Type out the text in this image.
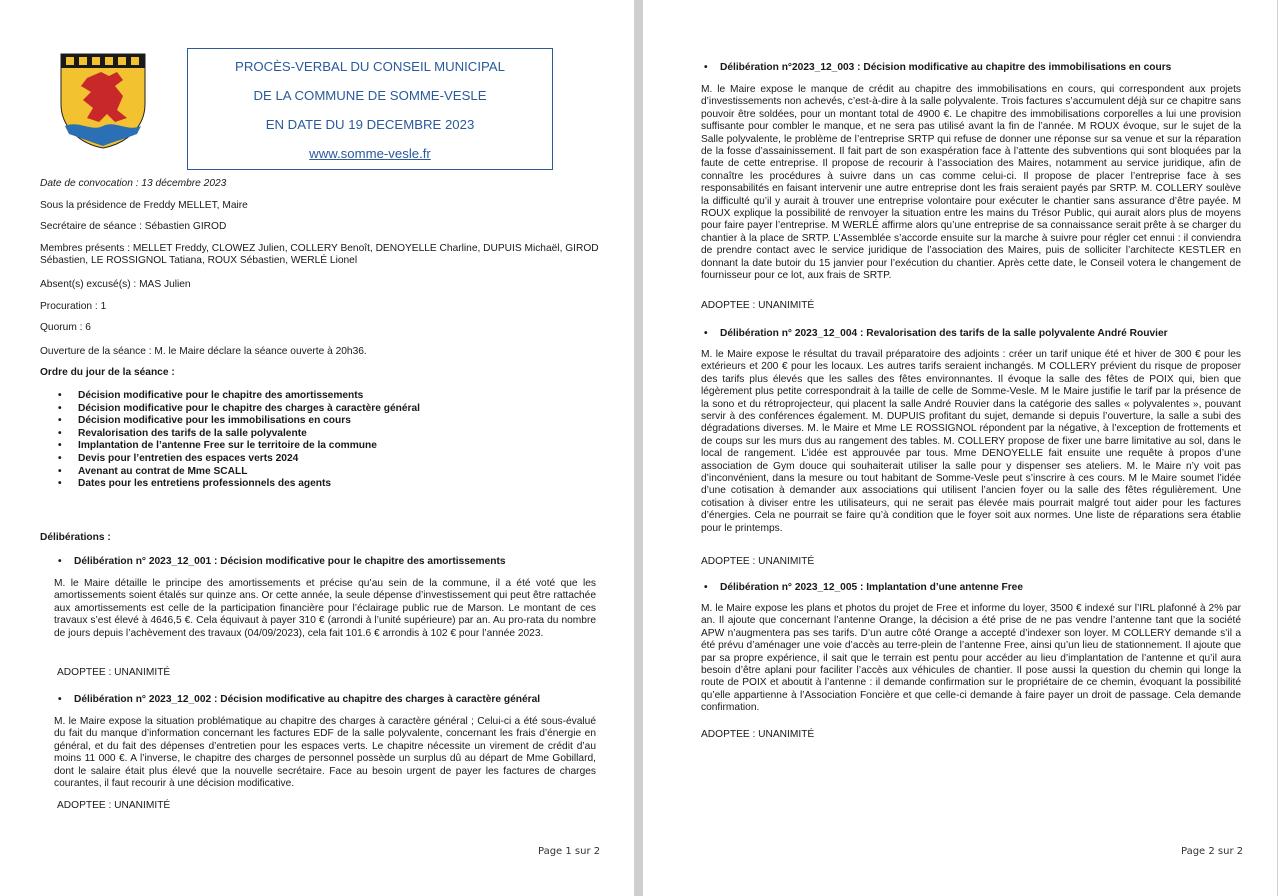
PROCÈS-VERBAL DU CONSEIL MUNICIPAL
DE LA COMMUNE DE SOMME-VESLE
EN DATE DU 19 DECEMBRE 2023
www.somme-vesle.fr
Date de convocation : 13 décembre 2023
Sous la présidence de Freddy MELLET, Maire
Secrétaire de séance : Sébastien GIROD
Membres présents : MELLET Freddy, CLOWEZ Julien, COLLERY Benoît, DENOYELLE Charline, DUPUIS Michaël, GIROD Sébastien, LE ROSSIGNOL Tatiana, ROUX Sébastien, WERLÉ Lionel
Absent(s) excusé(s) : MAS Julien
Procuration : 1
Quorum : 6
Ouverture de la séance : M. le Maire déclare la séance ouverte à 20h36.
Ordre du jour de la séance :
• Décision modificative pour le chapitre des amortissements
• Décision modificative pour le chapitre des charges à caractère général
• Décision modificative pour les immobilisations en cours
• Revalorisation des tarifs de la salle polyvalente
• Implantation de l’antenne Free sur le territoire de la commune
• Devis pour l’entretien des espaces verts 2024
• Avenant au contrat de Mme SCALL
• Dates pour les entretiens professionnels des agents
Délibérations :
• Délibération n° 2023_12_001 : Décision modificative pour le chapitre des amortissements
M. le Maire détaille le principe des amortissements et précise qu’au sein de la commune, il a été voté que les amortissements soient étalés sur quinze ans. Or cette année, la seule dépense d’investissement qui peut être rattachée aux amortissements est celle de la participation financière pour l’éclairage public rue de Marson. Le montant de ces travaux s’est élevé à 4646,5 €. Cela équivaut à payer 310 € (arrondi à l’unité supérieure) par an. Au pro-rata du nombre de jours depuis l’achèvement des travaux (04/09/2023), cela fait 101.6 € arrondis à 102 € pour l’année 2023.
ADOPTEE : UNANIMITÉ
• Délibération n° 2023_12_002 : Décision modificative au chapitre des charges à caractère général
M. le Maire expose la situation problématique au chapitre des charges à caractère général ; Celui-ci a été sous-évalué du fait du manque d’information concernant les factures EDF de la salle polyvalente, concernant les frais d’énergie en général, et du fait des dépenses d’entretien pour les espaces verts. Le chapitre nécessite un virement de crédit d’au moins 11 000 €. A l’inverse, le chapitre des charges de personnel possède un surplus dû au départ de Mme Gobillard, dont le salaire était plus élevé que la nouvelle secrétaire. Face au besoin urgent de payer les factures de charges courantes, il faut recourir à une décision modificative.
ADOPTEE : UNANIMITÉ
Page 1 sur 2
• Délibération n°2023_12_003 : Décision modificative au chapitre des immobilisations en cours
M. le Maire expose le manque de crédit au chapitre des immobilisations en cours, qui correspondent aux projets d’investissements non achevés, c’est-à-dire à la salle polyvalente. Trois factures s’accumulent déjà sur ce chapitre sans pouvoir être soldées, pour un montant total de 4900 €. Le chapitre des immobilisations corporelles a lui une provision suffisante pour combler le manque, et ne sera pas utilisé avant la fin de l’année. M ROUX évoque, sur le sujet de la Salle polyvalente, le problème de l’entreprise SRTP qui refuse de donner une réponse sur sa venue et sur la réparation de la fosse d’assainissement. Il fait part de son exaspération face à l’attente des subventions qui sont bloquées par la faute de cette entreprise. Il propose de recourir à l’association des Maires, notamment au service juridique, afin de connaître les procédures à suivre dans un cas comme celui-ci. Il propose de placer l’entreprise face à ses responsabilités en faisant intervenir une autre entreprise dont les frais seraient payés par SRTP. M. COLLERY soulève la difficulté qu’il y aurait à trouver une entreprise volontaire pour exécuter le chantier sans assurance d’être payée. M ROUX explique la possibilité de renvoyer la situation entre les mains du Trésor Public, qui aurait alors plus de moyens pour faire payer l’entreprise. M WERLÉ affirme alors qu’une entreprise de sa connaissance serait prête à se charger du chantier à la place de SRTP. L’Assemblée s’accorde ensuite sur la marche à suivre pour régler cet ennui : il conviendra de prendre contact avec le service juridique de l’association des Maires, puis de solliciter l’architecte KESTLER en donnant la date butoir du 15 janvier pour l’exécution du chantier. Après cette date, le Conseil votera le changement de fournisseur pour ce lot, aux frais de SRTP.
ADOPTEE : UNANIMITÉ
• Délibération n° 2023_12_004 : Revalorisation des tarifs de la salle polyvalente André Rouvier
M. le Maire expose le résultat du travail préparatoire des adjoints : créer un tarif unique été et hiver de 300 € pour les extérieurs et 200 € pour les locaux. Les autres tarifs seraient inchangés. M COLLERY prévient du risque de proposer des tarifs plus élevés que les salles des fêtes environnantes. Il évoque la salle des fêtes de POIX qui, bien que légèrement plus petite correspondrait à la taille de celle de Somme-Vesle. M le Maire justifie le tarif par la présence de la sono et du rétroprojecteur, qui placent la salle André Rouvier dans la catégorie des salles « polyvalentes », pouvant servir à des conférences également. M. DUPUIS profitant du sujet, demande si depuis l’ouverture, la salle a subi des dégradations diverses. M. le Maire et Mme LE ROSSIGNOL répondent par la négative, à l’exception de frottements et de coups sur les murs dus au rangement des tables. M. COLLERY propose de fixer une barre limitative au sol, dans le local de rangement. L’idée est approuvée par tous. Mme DENOYELLE fait ensuite une requête à propos d’une association de Gym douce qui souhaiterait utiliser la salle pour y dispenser ses ateliers. M. le Maire n’y voit pas d’inconvénient, dans la mesure ou tout habitant de Somme-Vesle peut s’inscrire à ces cours. M le Maire soumet l’idée d’une cotisation à demander aux associations qui utilisent l’ancien foyer ou la salle des fêtes régulièrement. Une cotisation à diviser entre les utilisateurs, qui ne serait pas élevée mais pourrait malgré tout aider pour les factures d’énergies. Cela ne pourrait se faire qu’à condition que le foyer soit aux normes. Une liste de réparations sera établie pour le printemps.
ADOPTEE : UNANIMITÉ
• Délibération n° 2023_12_005 : Implantation d’une antenne Free
M. le Maire expose les plans et photos du projet de Free et informe du loyer, 3500 € indexé sur l’IRL plafonné à 2% par an. Il ajoute que concernant l’antenne Orange, la décision a été prise de ne pas vendre l’antenne tant que la société APW n’augmentera pas ses tarifs. D’un autre côté Orange a accepté d’indexer son loyer. M COLLERY demande s’il a été prévu d’aménager une voie d’accès au terre-plein de l’antenne Free, ainsi qu’un lieu de stationnement. Il ajoute que par sa propre expérience, il sait que le terrain est pentu pour accéder au lieu d’implantation de l’antenne et qu’il aura besoin d’être aplani pour faciliter l’accès aux véhicules de chantier. Il pose aussi la question du chemin qui longe la route de POIX et aboutit à l’antenne : il demande confirmation sur le propriétaire de ce chemin, évoquant la possibilité qu’elle appartienne à l’Association Foncière et que celle-ci demande à faire payer un droit de passage. Cela demande confirmation.
ADOPTEE : UNANIMITÉ
Page 2 sur 2
